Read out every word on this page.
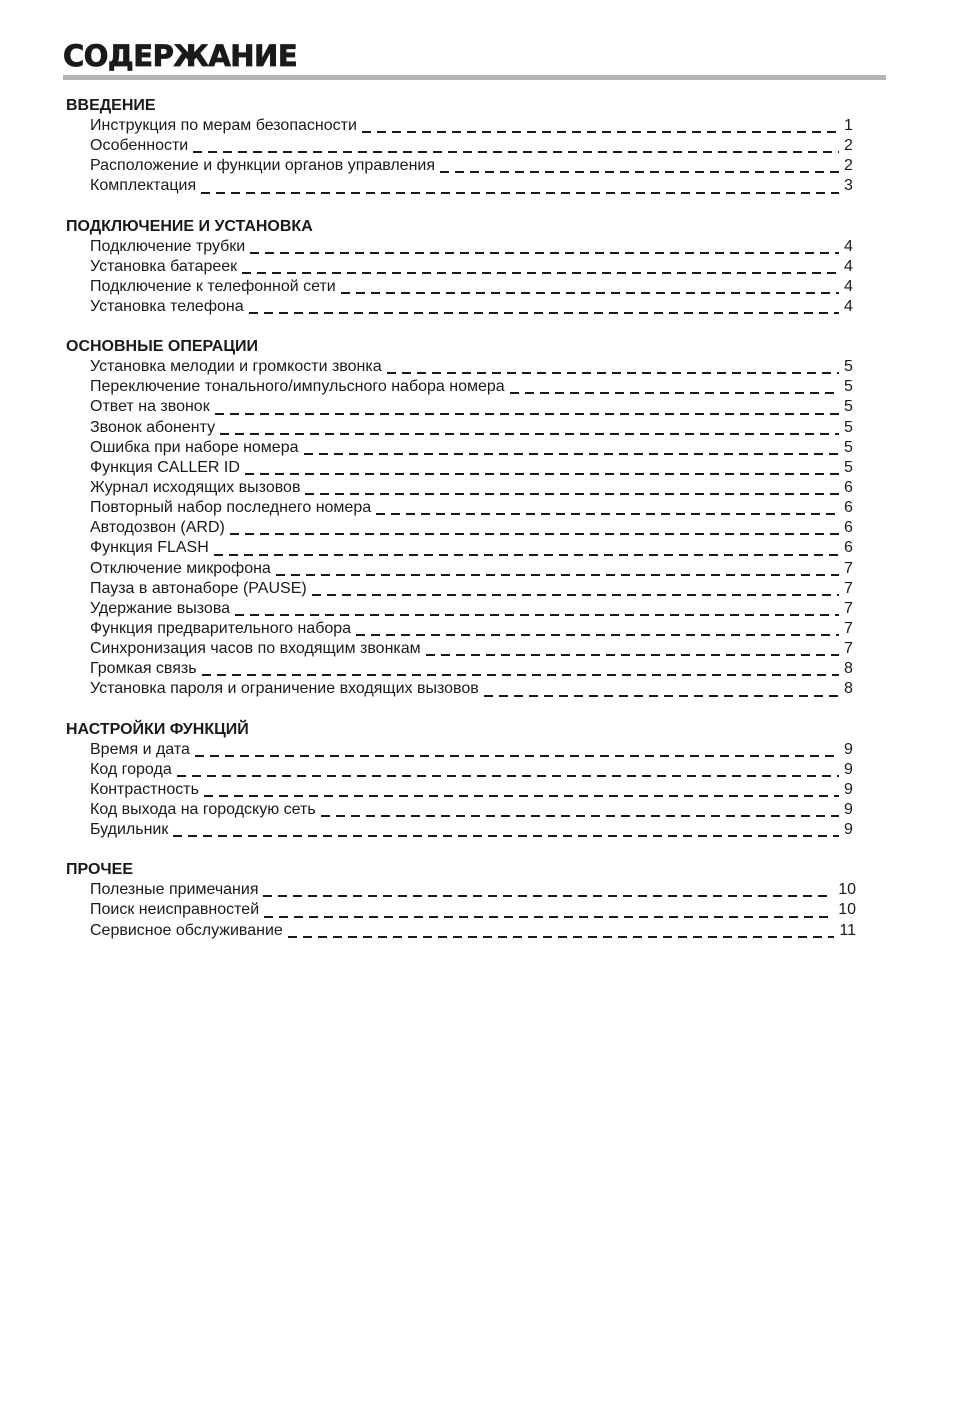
СОДЕРЖАНИЕ
ВВЕДЕНИЕ
Инструкция по мерам безопасности	1
Особенности	2
Расположение и функции органов управления	2
Комплектация	3
ПОДКЛЮЧЕНИЕ И УСТАНОВКА
Подключение трубки	4
Установка батареек	4
Подключение к телефонной сети	4
Установка телефона	4
ОСНОВНЫЕ ОПЕРАЦИИ
Установка мелодии и громкости звонка	5
Переключение тонального/импульсного набора номера	5
Ответ на звонок	5
Звонок абоненту	5
Ошибка при наборе номера	5
Функция CALLER ID	5
Журнал исходящих вызовов	6
Повторный набор последнего номера	6
Автодозвон (ARD)	6
Функция FLASH	6
Отключение микрофона	7
Пауза в автонаборе (PAUSE)	7
Удержание вызова	7
Функция предварительного набора	7
Синхронизация часов по входящим звонкам	7
Громкая связь	8
Установка пароля и ограничение входящих вызовов	8
НАСТРОЙКИ ФУНКЦИЙ
Время и дата	9
Код города	9
Контрастность	9
Код выхода на городскую сеть	9
Будильник	9
ПРОЧЕЕ
Полезные примечания	10
Поиск неисправностей	10
Сервисное обслуживание	11
